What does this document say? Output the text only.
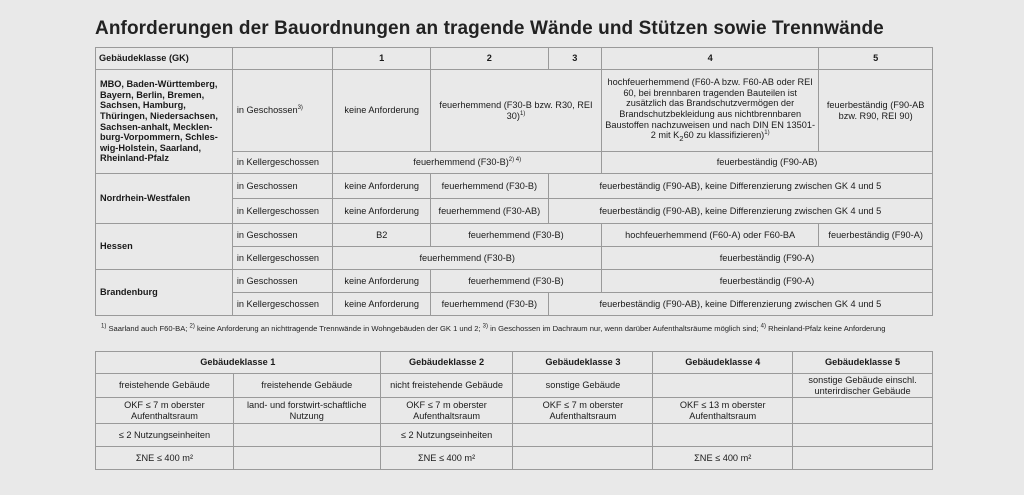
Anforderungen der Bauordnungen an tragende Wände und Stützen sowie Trennwände
Gebäudeklasse (GK)		1	2	3	4	5
MBO, Baden-Württemberg, Bayern, Berlin, Bremen, Sachsen, Hamburg, Thüringen, Niedersachsen, Sachsen-anhalt, Mecklen-burg-Vorpommern, Schles-wig-Holstein, Saarland, Rheinland-Pfalz	in Geschossen$^{3)}$	keine Anforderung	feuerhemmend (F30-B bzw. R30, REI 30)$^{1)}$		hochfeuerhemmend (F60-A bzw. F60-AB oder REI 60, bei brennbaren tragenden Bauteilen ist zusätzlich das Brandschutzvermögen der Brandschutzbekleidung aus nichtbrennbaren Baustoffen nachzuweisen und nach DIN EN 13501-2 mit $K_260$ zu klassifizieren)$^{1)}$	feuerbeständig (F90-AB bzw. R90, REI 90)
	in Kellergeschossen	feuerhemmend $(F30-B)^{2) 4)}$			feuerbeständig (F90-AB)	
Nordrhein-Westfalen	in Geschossen	keine Anforderung	feuerhemmend (F30-B)	feuerbeständig (F90-AB), keine Differenzierung zwischen GK 4 und 5		
	in Kellergeschossen	keine Anforderung	feuerhemmend (F30-AB)	feuerbeständig (F90-AB), keine Differenzierung zwischen GK 4 und 5		
Hessen	in Geschossen	B2	feuerhemmend (F30-B)		hochfeuerhemmend (F60-A) oder F60-BA	feuerbeständig (F90-A)
	in Kellergeschossen	feuerhemmend (F30-B)			feuerbeständig (F90-A)	
Brandenburg	in Geschossen	keine Anforderung	feuerhemmend (F30-B)		feuerbeständig (F90-A)	
	in Kellergeschossen	keine Anforderung	feuerhemmend (F30-B)	feuerbeständig (F90-AB), keine Differenzierung zwischen GK 4 und 5		
$^{1)}$ Saarland auch F60-BA; $^{2)}$ keine Anforderung an nichttragende Trennwände in Wohngebäuden der GK 1 und 2; $^{3)}$ in Geschossen im Dachraum nur, wenn darüber Aufenthaltsräume möglich sind; $^{4)}$ Rheinland-Pfalz keine Anforderung
Gebäudeklasse 1		Gebäudeklasse 2	Gebäudeklasse 3	Gebäudeklasse 4	Gebäudeklasse 5
freistehende Gebäude	freistehende Gebäude	nicht freistehende Gebäude	sonstige Gebäude		sonstige Gebäude einschl. unterirdischer Gebäude
OKF ≤ 7 m oberster Aufenthaltsraum	land- und forstwirt-schaftliche Nutzung	OKF ≤ 7 m oberster Aufenthaltsraum	OKF ≤ 7 m oberster Aufenthaltsraum	OKF ≤ 13 m oberster Aufenthaltsraum	
≤ 2 Nutzungseinheiten		≤ 2 Nutzungseinheiten			
ΣNE ≤ 400 m²		ΣNE ≤ 400 m²		ΣNE ≤ 400 m²	
